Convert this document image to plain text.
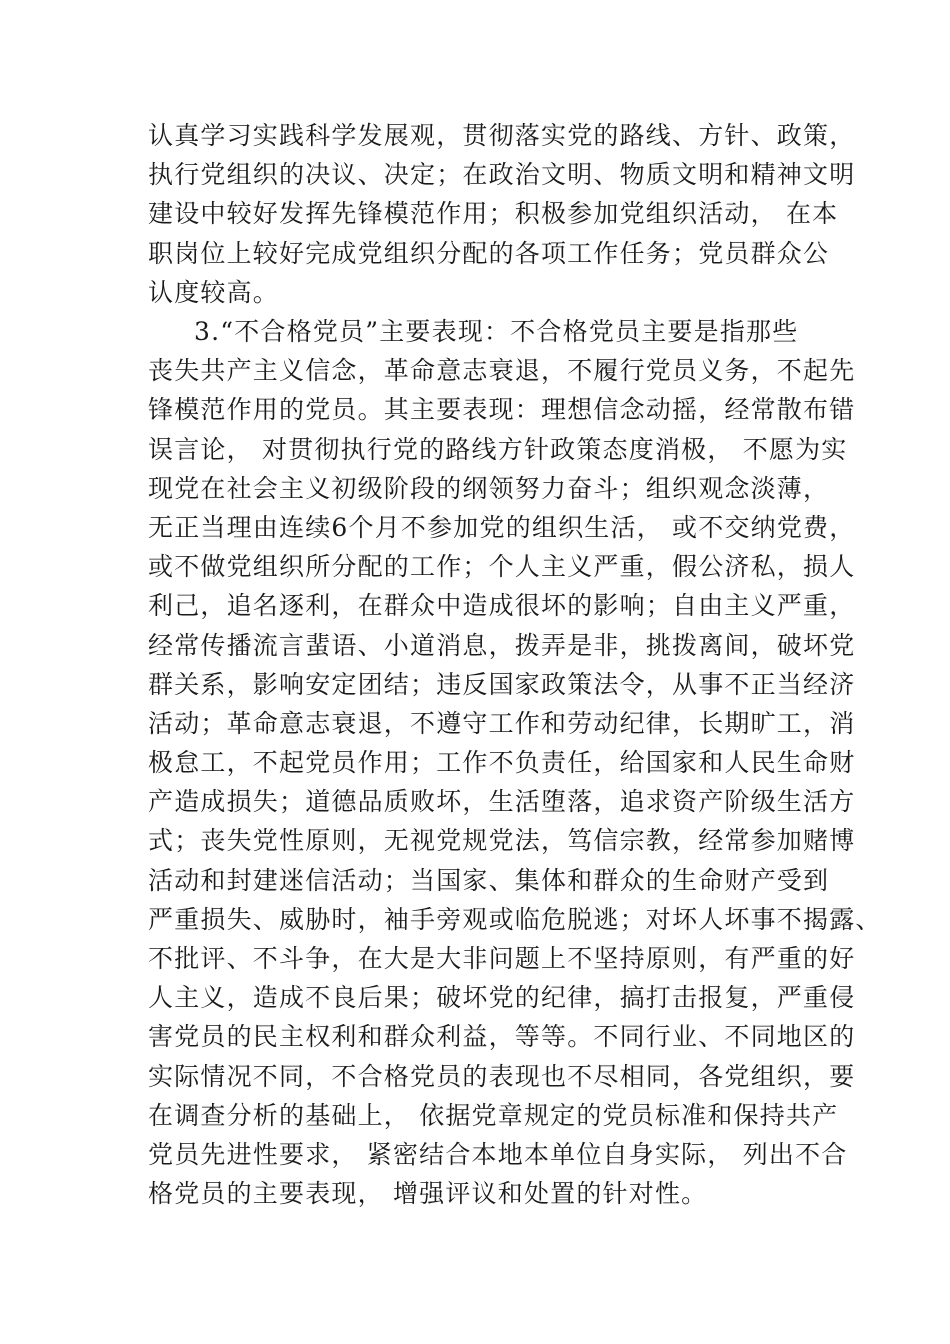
认真学习实践科学发展观，贯彻落实党的路线、方针、政策，
执行党组织的决议、决定；在政治文明、物质文明和精神文明
建设中较好发挥先锋模范作用；积极参加党组织活动， 在本
职岗位上较好完成党组织分配的各项工作任务；党员群众公
认度较高。
3.“不合格党员”主要表现：不合格党员主要是指那些
丧失共产主义信念，革命意志衰退，不履行党员义务，不起先
锋模范作用的党员。其主要表现：理想信念动摇，经常散布错
误言论， 对贯彻执行党的路线方针政策态度消极， 不愿为实
现党在社会主义初级阶段的纲领努力奋斗；组织观念淡薄，
无正当理由连续6个月不参加党的组织生活， 或不交纳党费，
或不做党组织所分配的工作；个人主义严重，假公济私，损人
利己，追名逐利，在群众中造成很坏的影响；自由主义严重，
经常传播流言蜚语、小道消息，拨弄是非，挑拨离间，破坏党
群关系，影响安定团结；违反国家政策法令，从事不正当经济
活动；革命意志衰退，不遵守工作和劳动纪律，长期旷工，消
极怠工，不起党员作用；工作不负责任，给国家和人民生命财
产造成损失；道德品质败坏，生活堕落，追求资产阶级生活方
式；丧失党性原则，无视党规党法，笃信宗教，经常参加赌博
活动和封建迷信活动；当国家、集体和群众的生命财产受到
严重损失、威胁时，袖手旁观或临危脱逃；对坏人坏事不揭露、
不批评、不斗争，在大是大非问题上不坚持原则，有严重的好
人主义，造成不良后果；破坏党的纪律，搞打击报复，严重侵
害党员的民主权利和群众利益，等等。不同行业、不同地区的
实际情况不同，不合格党员的表现也不尽相同，各党组织，要
在调查分析的基础上， 依据党章规定的党员标准和保持共产
党员先进性要求， 紧密结合本地本单位自身实际， 列出不合
格党员的主要表现， 增强评议和处置的针对性。
